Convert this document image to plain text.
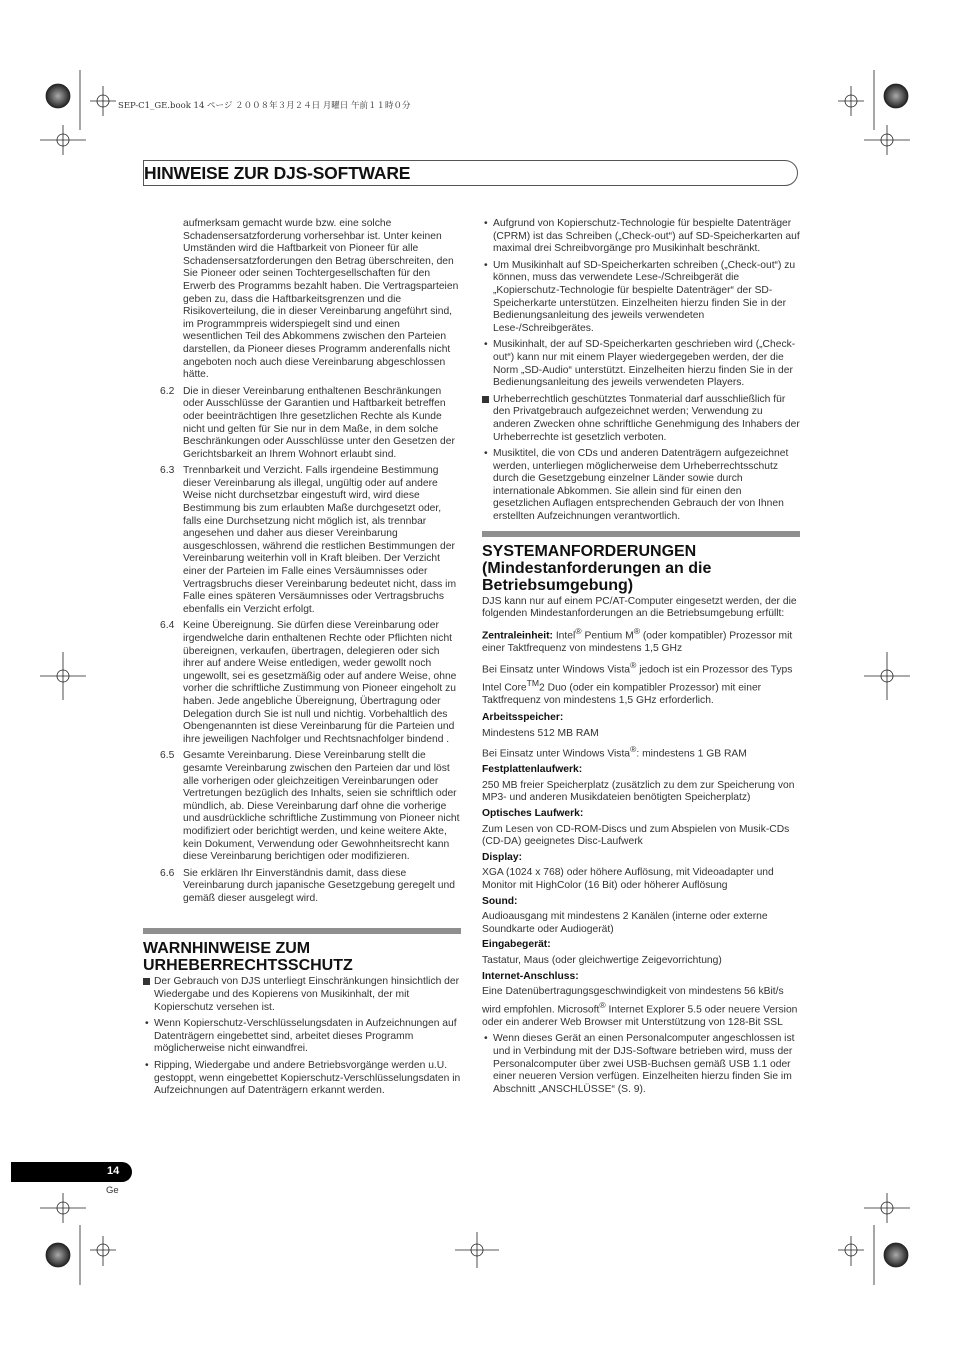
SEP-C1_GE.book 14 ページ ２００８年３月２４日 月曜日 午前１１時０分
HINWEISE ZUR DJS-SOFTWARE

aufmerksam gemacht wurde bzw. eine solche Schadensersatzforderung vorhersehbar ist. Unter keinen Umständen wird die Haftbarkeit von Pioneer für alle Schadensersatzforderungen den Betrag überschreiten, den Sie Pioneer oder seinen Tochtergesellschaften für den Erwerb des Programms bezahlt haben. Die Vertragsparteien geben zu, dass die Haftbarkeitsgrenzen und die Risikoverteilung, die in dieser Vereinbarung angeführt sind, im Programmpreis widerspiegelt sind und einen wesentlichen Teil des Abkommens zwischen den Parteien darstellen, da Pioneer dieses Programm anderenfalls nicht angeboten noch auch diese Vereinbarung abgeschlossen hätte.

6.2 Die in dieser Vereinbarung enthaltenen Beschränkungen oder Ausschlüsse der Garantien und Haftbarkeit betreffen oder beeinträchtigen Ihre gesetzlichen Rechte als Kunde nicht und gelten für Sie nur in dem Maße, in dem solche Beschränkungen oder Ausschlüsse unter den Gesetzen der Gerichtsbarkeit an Ihrem Wohnort erlaubt sind.

6.3 Trennbarkeit und Verzicht. Falls irgendeine Bestimmung dieser Vereinbarung als illegal, ungültig oder auf andere Weise nicht durchsetzbar eingestuft wird, wird diese Bestimmung bis zum erlaubten Maße durchgesetzt oder, falls eine Durchsetzung nicht möglich ist, als trennbar angesehen und daher aus dieser Vereinbarung ausgeschlossen, während die restlichen Bestimmungen der Vereinbarung weiterhin voll in Kraft bleiben. Der Verzicht einer der Parteien im Falle eines Versäumnisses oder Vertragsbruchs dieser Vereinbarung bedeutet nicht, dass im Falle eines späteren Versäumnisses oder Vertragsbruchs ebenfalls ein Verzicht erfolgt.

6.4 Keine Übereignung. Sie dürfen diese Vereinbarung oder irgendwelche darin enthaltenen Rechte oder Pflichten nicht übereignen, verkaufen, übertragen, delegieren oder sich ihrer auf andere Weise entledigen, weder gewollt noch ungewollt, sei es gesetzmäßig oder auf andere Weise, ohne vorher die schriftliche Zustimmung von Pioneer eingeholt zu haben. Jede angebliche Übereignung, Übertragung oder Delegation durch Sie ist null und nichtig. Vorbehaltlich des Obengenannten ist diese Vereinbarung für die Parteien und ihre jeweiligen Nachfolger und Rechtsnachfolger bindend .

6.5 Gesamte Vereinbarung. Diese Vereinbarung stellt die gesamte Vereinbarung zwischen den Parteien dar und löst alle vorherigen oder gleichzeitigen Vereinbarungen oder Vertretungen bezüglich des Inhalts, seien sie schriftlich oder mündlich, ab. Diese Vereinbarung darf ohne die vorherige und ausdrückliche schriftliche Zustimmung von Pioneer nicht modifiziert oder berichtigt werden, und keine weitere Akte, kein Dokument, Verwendung oder Gewohnheitsrecht kann diese Vereinbarung berichtigen oder modifizieren.

6.6 Sie erklären Ihr Einverständnis damit, dass diese Vereinbarung durch japanische Gesetzgebung geregelt und gemäß dieser ausgelegt wird.

WARNHINWEISE ZUM URHEBERRECHTSSCHUTZ

Der Gebrauch von DJS unterliegt Einschränkungen hinsichtlich der Wiedergabe und des Kopierens von Musikinhalt, der mit Kopierschutz versehen ist.

• Wenn Kopierschutz-Verschlüsselungsdaten in Aufzeichnungen auf Datenträgern eingebettet sind, arbeitet dieses Programm möglicherweise nicht einwandfrei.

• Ripping, Wiedergabe und andere Betriebsvorgänge werden u.U. gestoppt, wenn eingebettet Kopierschutz-Verschlüsselungsdaten in Aufzeichnungen auf Datenträgern erkannt werden.

• Aufgrund von Kopierschutz-Technologie für bespielte Datenträger (CPRM) ist das Schreiben („Check-out“) auf SD-Speicherkarten auf maximal drei Schreibvorgänge pro Musikinhalt beschränkt.

• Um Musikinhalt auf SD-Speicherkarten schreiben („Check-out“) zu können, muss das verwendete Lese-/Schreibgerät die „Kopierschutz-Technologie für bespielte Datenträger“ der SD-Speicherkarte unterstützen. Einzelheiten hierzu finden Sie in der Bedienungsanleitung des jeweils verwendeten Lese-/Schreibgerätes.

• Musikinhalt, der auf SD-Speicherkarten geschrieben wird („Check-out“) kann nur mit einem Player wiedergegeben werden, der die Norm „SD-Audio“ unterstützt. Einzelheiten hierzu finden Sie in der Bedienungsanleitung des jeweils verwendeten Players.

Urheberrechtlich geschütztes Tonmaterial darf ausschließlich für den Privatgebrauch aufgezeichnet werden; Verwendung zu anderen Zwecken ohne schriftliche Genehmigung des Inhabers der Urheberrechte ist gesetzlich verboten.

• Musiktitel, die von CDs und anderen Datenträgern aufgezeichnet werden, unterliegen möglicherweise dem Urheberrechtsschutz durch die Gesetzgebung einzelner Länder sowie durch internationale Abkommen. Sie allein sind für einen den gesetzlichen Auflagen entsprechenden Gebrauch der von Ihnen erstellten Aufzeichnungen verantwortlich.

SYSTEMANFORDERUNGEN
(Mindestanforderungen an die Betriebsumgebung)

DJS kann nur auf einem PC/AT-Computer eingesetzt werden, der die folgenden Mindestanforderungen an die Betriebsumgebung erfüllt:

Zentraleinheit: Intel® Pentium M® (oder kompatibler) Prozessor mit einer Taktfrequenz von mindestens 1,5 GHz

Bei Einsatz unter Windows Vista® jedoch ist ein Prozessor des Typs Intel Core™2 Duo (oder ein kompatibler Prozessor) mit einer Taktfrequenz von mindestens 1,5 GHz erforderlich.

Arbeitsspeicher:

Mindestens 512 MB RAM

Bei Einsatz unter Windows Vista®: mindestens 1 GB RAM

Festplattenlaufwerk:

250 MB freier Speicherplatz (zusätzlich zu dem zur Speicherung von MP3- und anderen Musikdateien benötigten Speicherplatz)

Optisches Laufwerk:

Zum Lesen von CD-ROM-Discs und zum Abspielen von Musik-CDs (CD-DA) geeignetes Disc-Laufwerk

Display:

XGA (1024 x 768) oder höhere Auflösung, mit Videoadapter und Monitor mit HighColor (16 Bit) oder höherer Auflösung

Sound:

Audioausgang mit mindestens 2 Kanälen (interne oder externe Soundkarte oder Audiogerät)

Eingabegerät:

Tastatur, Maus (oder gleichwertige Zeigevorrichtung)

Internet-Anschluss:

Eine Datenübertragungsgeschwindigkeit von mindestens 56 kBit/s wird empfohlen. Microsoft® Internet Explorer 5.5 oder neuere Version oder ein anderer Web Browser mit Unterstützung von 128-Bit SSL

• Wenn dieses Gerät an einen Personalcomputer angeschlossen ist und in Verbindung mit der DJS-Software betrieben wird, muss der Personalcomputer über zwei USB-Buchsen gemäß USB 1.1 oder einer neueren Version verfügen. Einzelheiten hierzu finden Sie im Abschnitt „ANSCHLÜSSE“ (S. 9).

14
Ge
